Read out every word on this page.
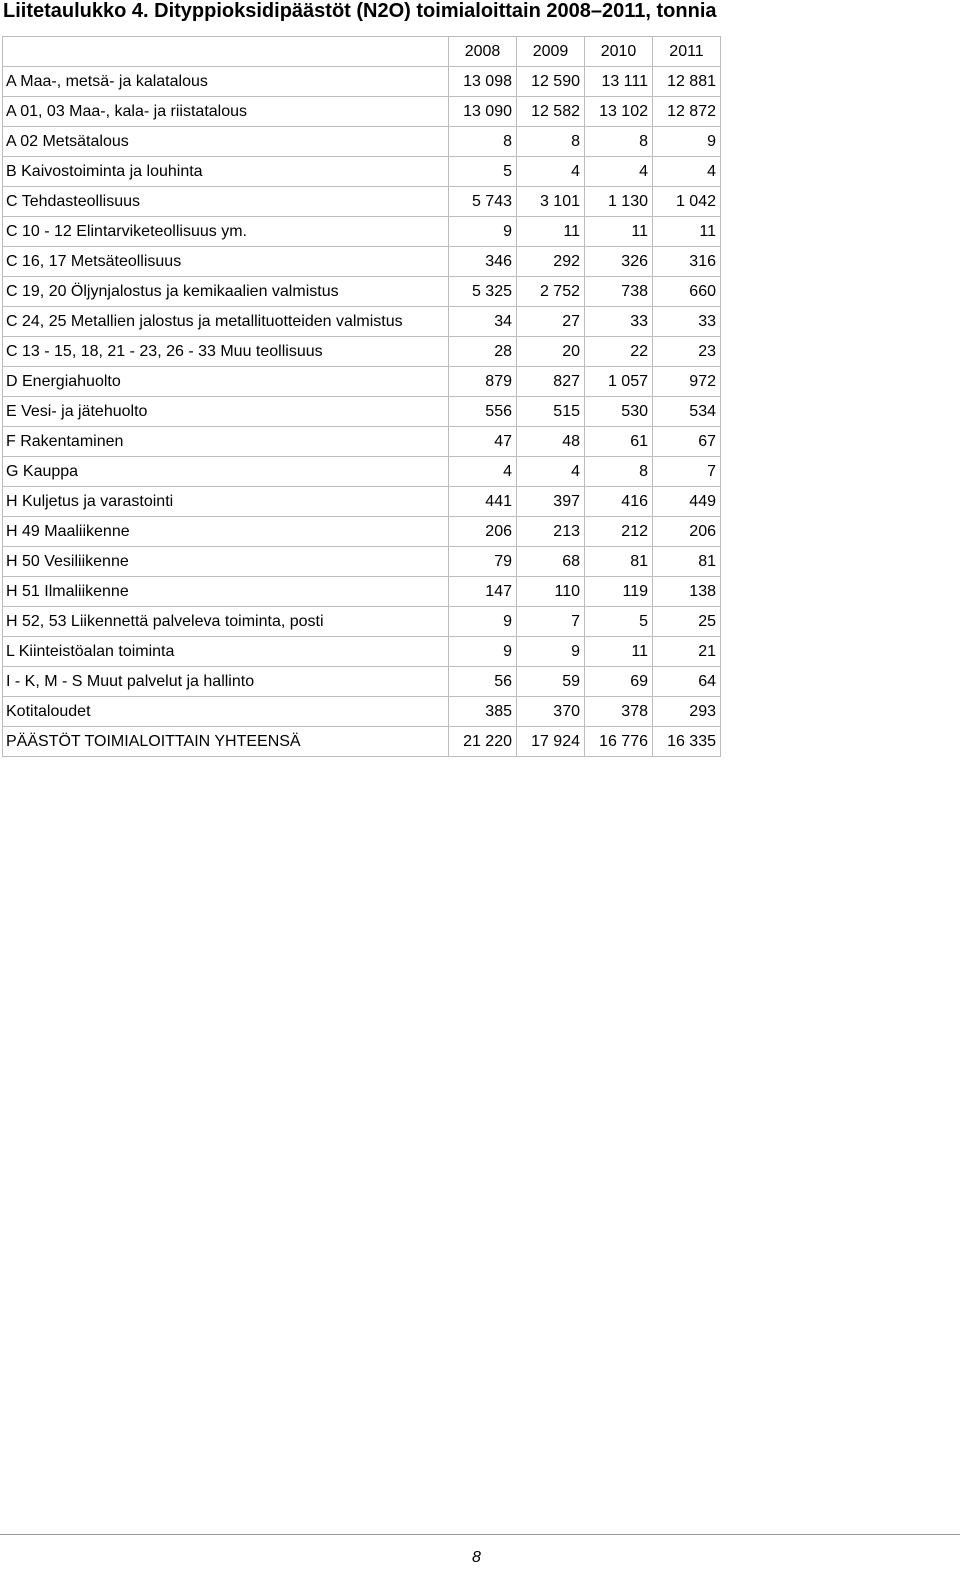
Liitetaulukko 4. Dityppioksidipäästöt (N2O) toimialoittain 2008–2011, tonnia
	2008	2009	2010	2011
A Maa-, metsä- ja kalatalous	13 098	12 590	13 111	12 881
A 01, 03 Maa-, kala- ja riistatalous	13 090	12 582	13 102	12 872
A 02 Metsätalous	8	8	8	9
B Kaivostoiminta ja louhinta	5	4	4	4
C Tehdasteollisuus	5 743	3 101	1 130	1 042
C 10 - 12 Elintarviketeollisuus ym.	9	11	11	11
C 16, 17 Metsäteollisuus	346	292	326	316
C 19, 20 Öljynjalostus ja kemikaalien valmistus	5 325	2 752	738	660
C 24, 25 Metallien jalostus ja metallituotteiden valmistus	34	27	33	33
C 13 - 15, 18, 21 - 23, 26 - 33 Muu teollisuus	28	20	22	23
D Energiahuolto	879	827	1 057	972
E Vesi- ja jätehuolto	556	515	530	534
F Rakentaminen	47	48	61	67
G Kauppa	4	4	8	7
H Kuljetus ja varastointi	441	397	416	449
H 49 Maaliikenne	206	213	212	206
H 50 Vesiliikenne	79	68	81	81
H 51 Ilmaliikenne	147	110	119	138
H 52, 53 Liikennettä palveleva toiminta, posti	9	7	5	25
L Kiinteistöalan toiminta	9	9	11	21
I - K, M - S Muut palvelut ja hallinto	56	59	69	64
Kotitaloudet	385	370	378	293
PÄÄSTÖT TOIMIALOITTAIN YHTEENSÄ	21 220	17 924	16 776	16 335
8
